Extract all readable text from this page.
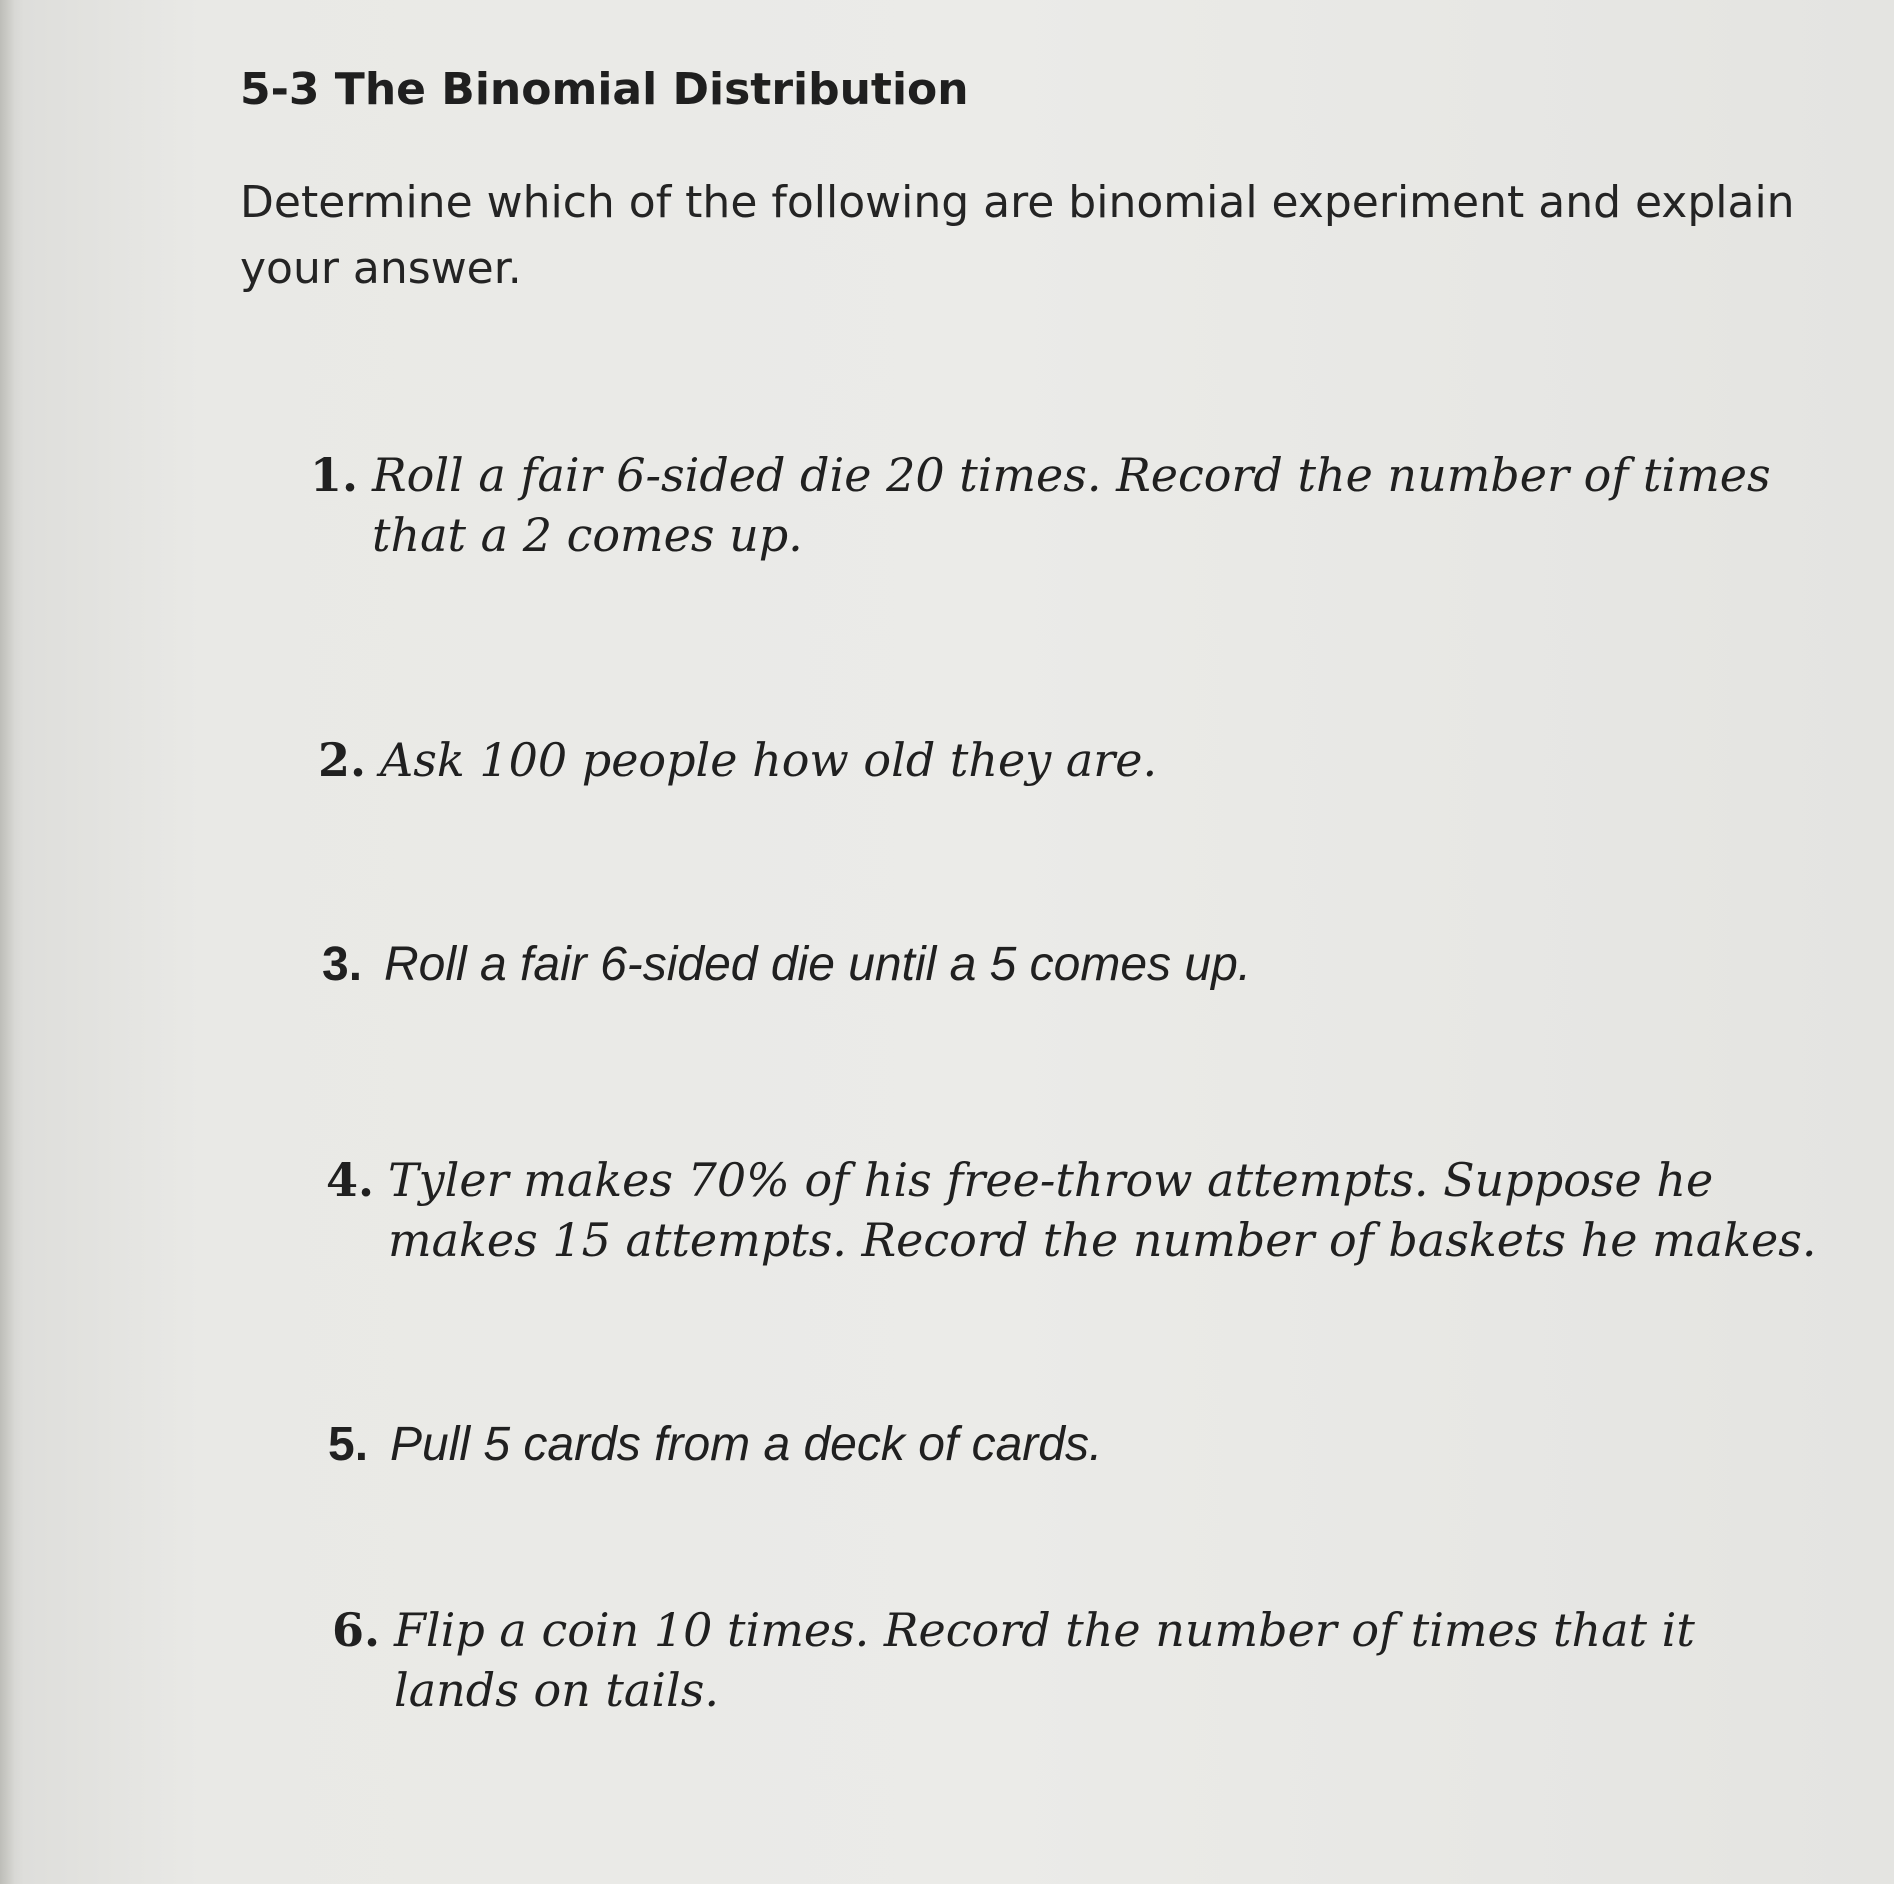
5-3 The Binomial Distribution

Determine which of the following are binomial experiment and explain your answer.

1. Roll a fair 6-sided die 20 times. Record the number of times that a 2 comes up.
2. Ask 100 people how old they are.
3. Roll a fair 6-sided die until a 5 comes up.
4. Tyler makes 70% of his free-throw attempts. Suppose he makes 15 attempts. Record the number of baskets he makes.
5. Pull 5 cards from a deck of cards.
6. Flip a coin 10 times. Record the number of times that it lands on tails.
